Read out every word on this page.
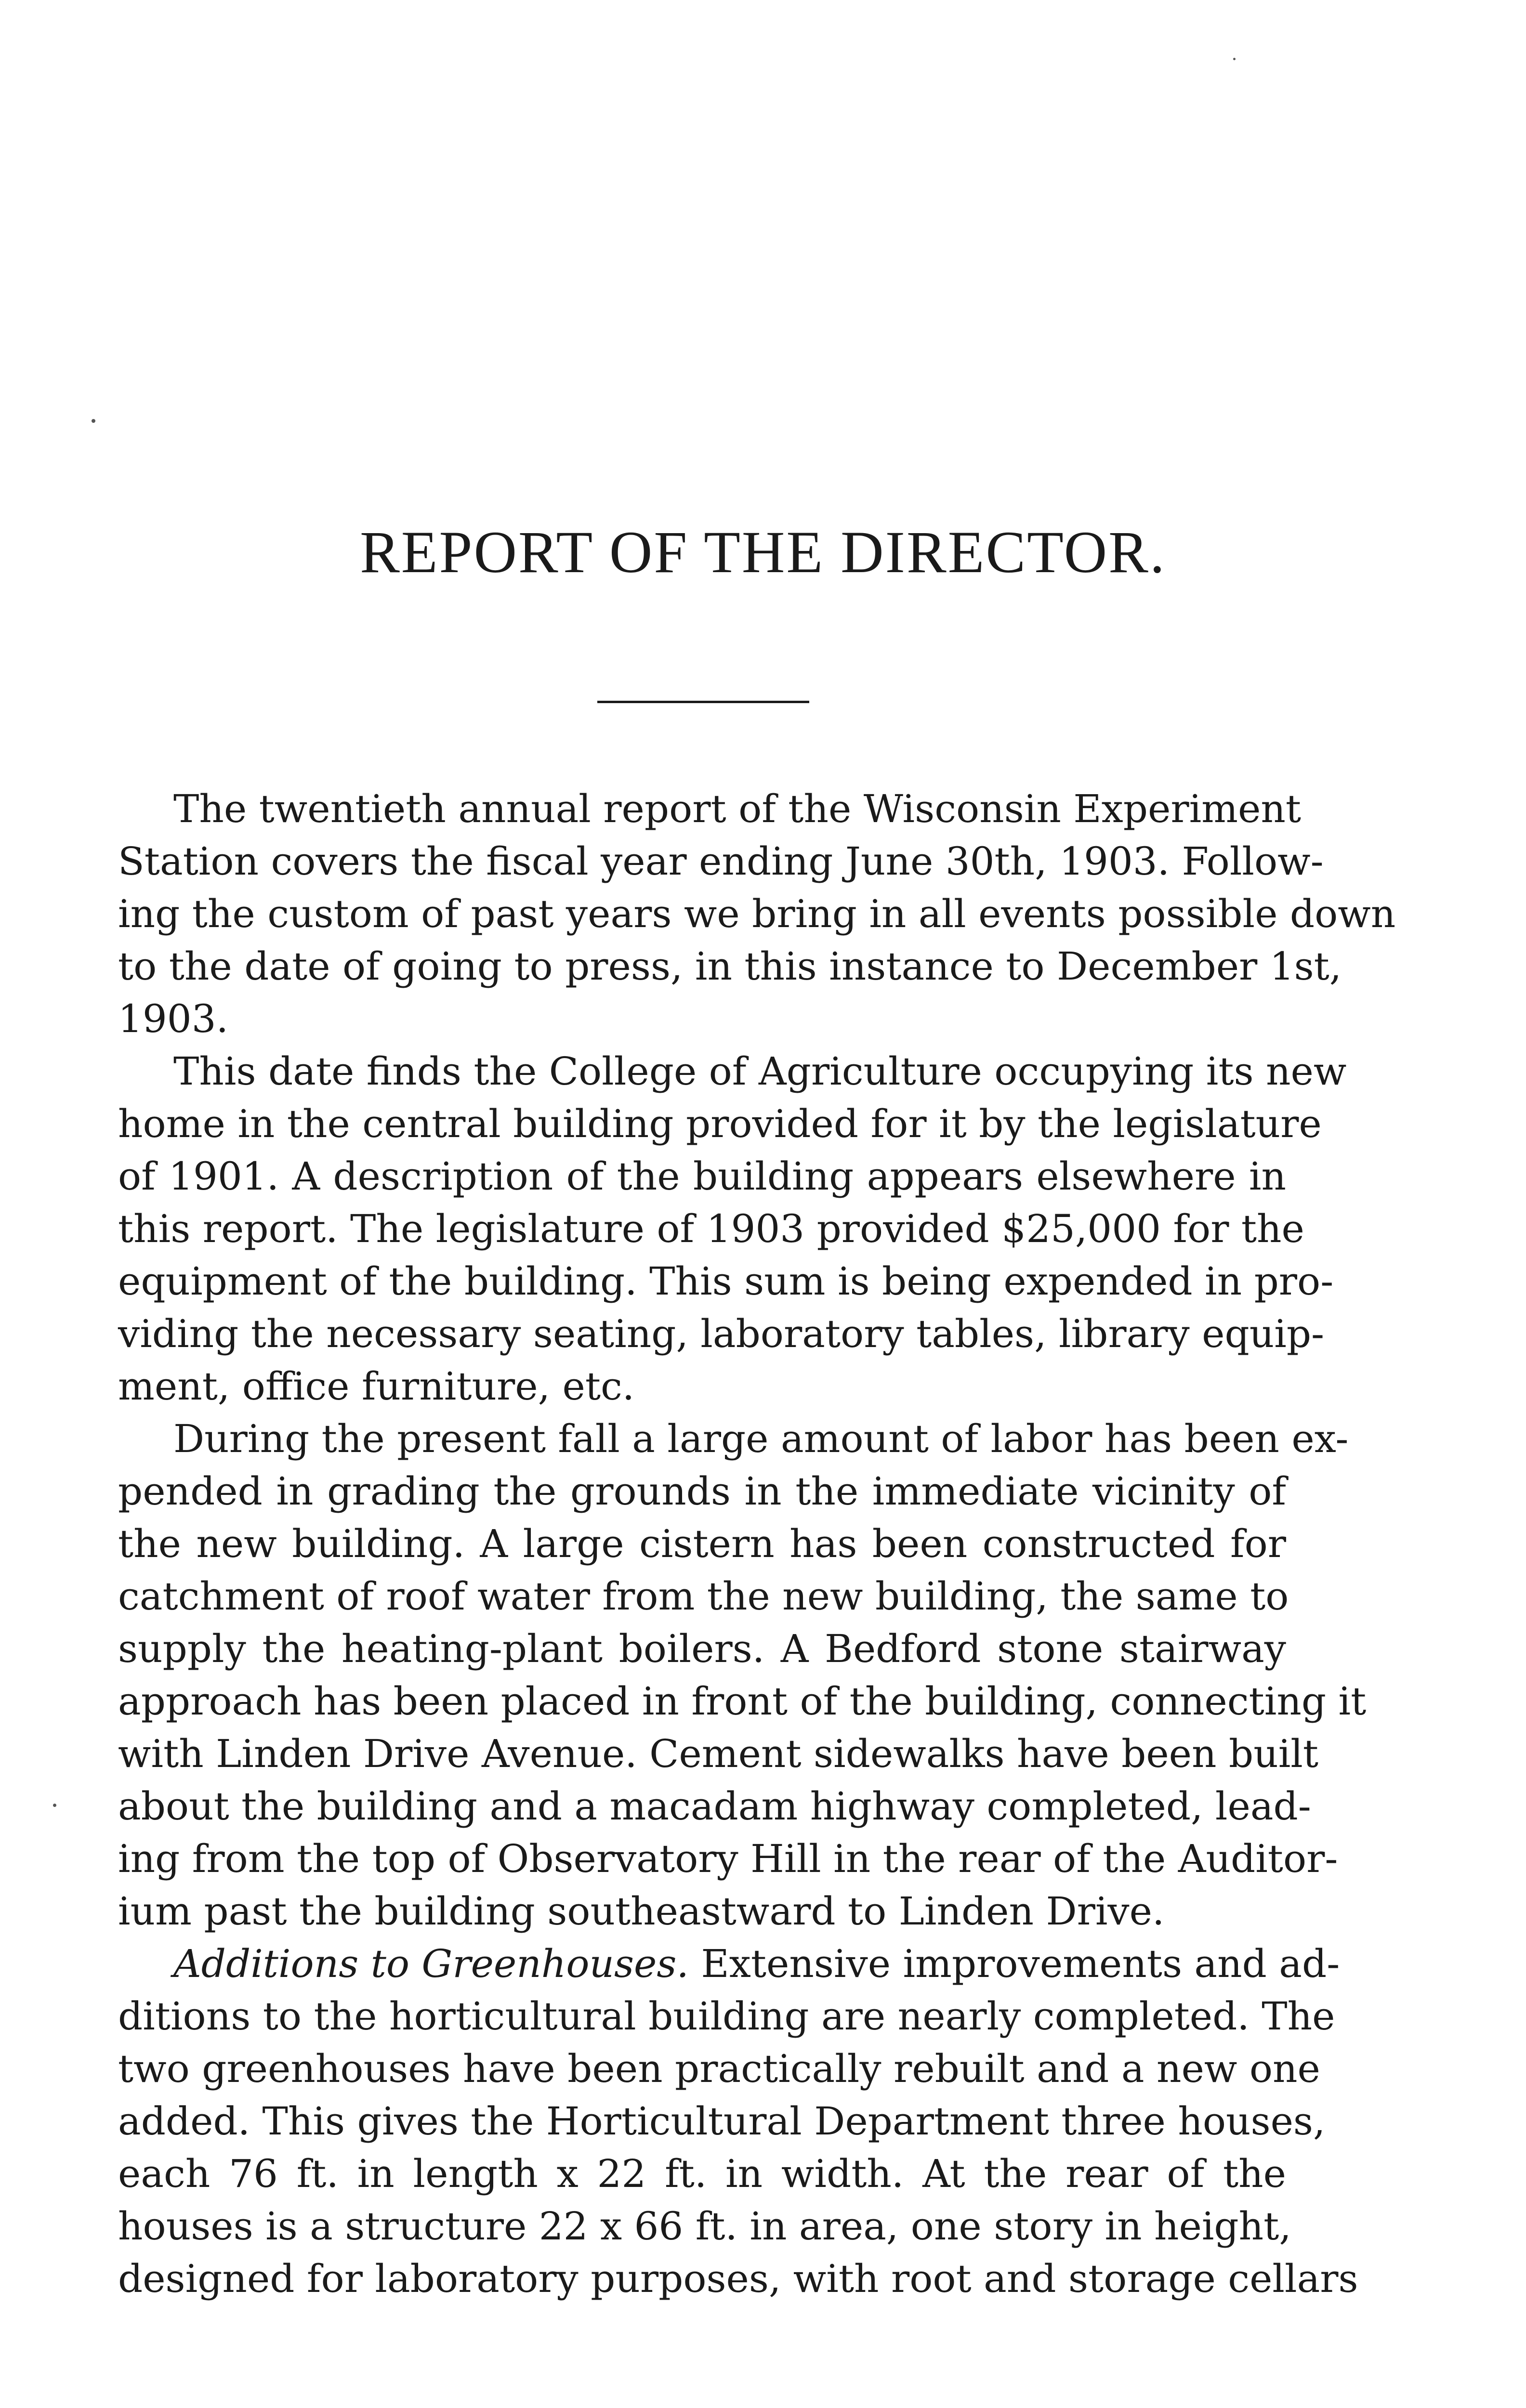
REPORT OF THE DIRECTOR.
The twentieth annual report of the Wisconsin Experiment
Station covers the fiscal year ending June 30th, 1903. Follow-
ing the custom of past years we bring in all events possible down
to the date of going to press, in this instance to December 1st,
1903.
This date finds the College of Agriculture occupying its new
home in the central building provided for it by the legislature
of 1901. A description of the building appears elsewhere in
this report. The legislature of 1903 provided $25,000 for the
equipment of the building. This sum is being expended in pro-
viding the necessary seating, laboratory tables, library equip-
ment, office furniture, etc.
During the present fall a large amount of labor has been ex-
pended in grading the grounds in the immediate vicinity of
the new building. A large cistern has been constructed for
catchment of roof water from the new building, the same to
supply the heating-plant boilers. A Bedford stone stairway
approach has been placed in front of the building, connecting it
with Linden Drive Avenue. Cement sidewalks have been built
about the building and a macadam highway completed, lead-
ing from the top of Observatory Hill in the rear of the Auditor-
ium past the building southeastward to Linden Drive.
Additions to Greenhouses. Extensive improvements and ad-
ditions to the horticultural building are nearly completed. The
two greenhouses have been practically rebuilt and a new one
added. This gives the Horticultural Department three houses,
each 76 ft. in length x 22 ft. in width. At the rear of the
houses is a structure 22 x 66 ft. in area, one story in height,
designed for laboratory purposes, with root and storage cellars
